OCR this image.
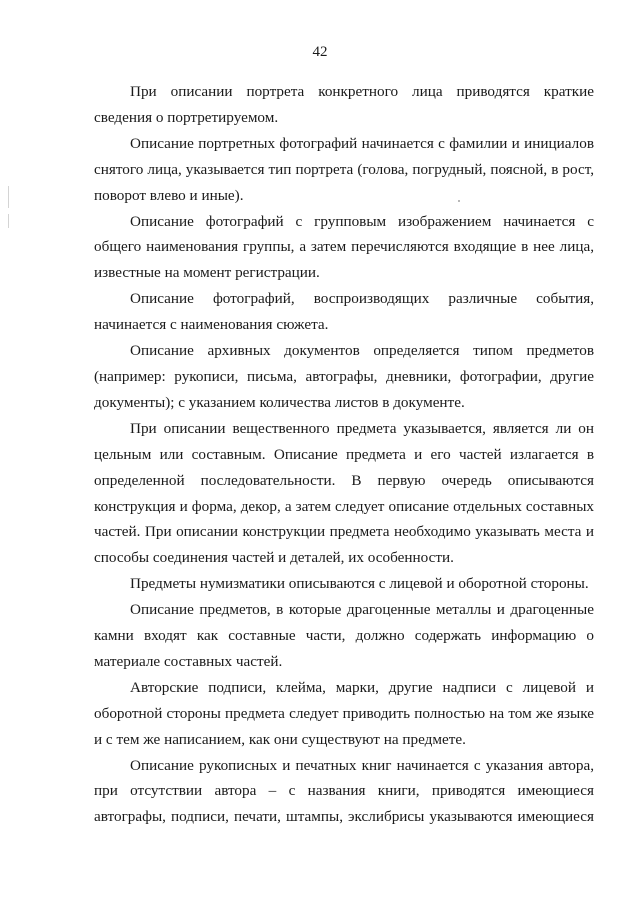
42

При описании портрета конкретного лица приводятся краткие сведения о портретируемом.

Описание портретных фотографий начинается с фамилии и инициалов снятого лица, указывается тип портрета (голова, погрудный, поясной, в рост, поворот влево и иные).

Описание фотографий с групповым изображением начинается с общего наименования группы, а затем перечисляются входящие в нее лица, известные на момент регистрации.

Описание фотографий, воспроизводящих различные события, начинается с наименования сюжета.

Описание архивных документов определяется типом предметов (например: рукописи, письма, автографы, дневники, фотографии, другие документы); с указанием количества листов в документе.

При описании вещественного предмета указывается, является ли он цельным или составным. Описание предмета и его частей излагается в определенной последовательности. В первую очередь описываются конструкция и форма, декор, а затем следует описание отдельных составных частей. При описании конструкции предмета необходимо указывать места и способы соединения частей и деталей, их особенности.

Предметы нумизматики описываются с лицевой и оборотной стороны.

Описание предметов, в которые драгоценные металлы и драгоценные камни входят как составные части, должно содержать информацию о материале составных частей.

Авторские подписи, клейма, марки, другие надписи с лицевой и оборотной стороны предмета следует приводить полностью на том же языке и с тем же написанием, как они существуют на предмете.

Описание рукописных и печатных книг начинается с указания автора, при отсутствии автора – с названия книги, приводятся имеющиеся автографы, подписи, печати, штампы, экслибрисы указываются имеющиеся
